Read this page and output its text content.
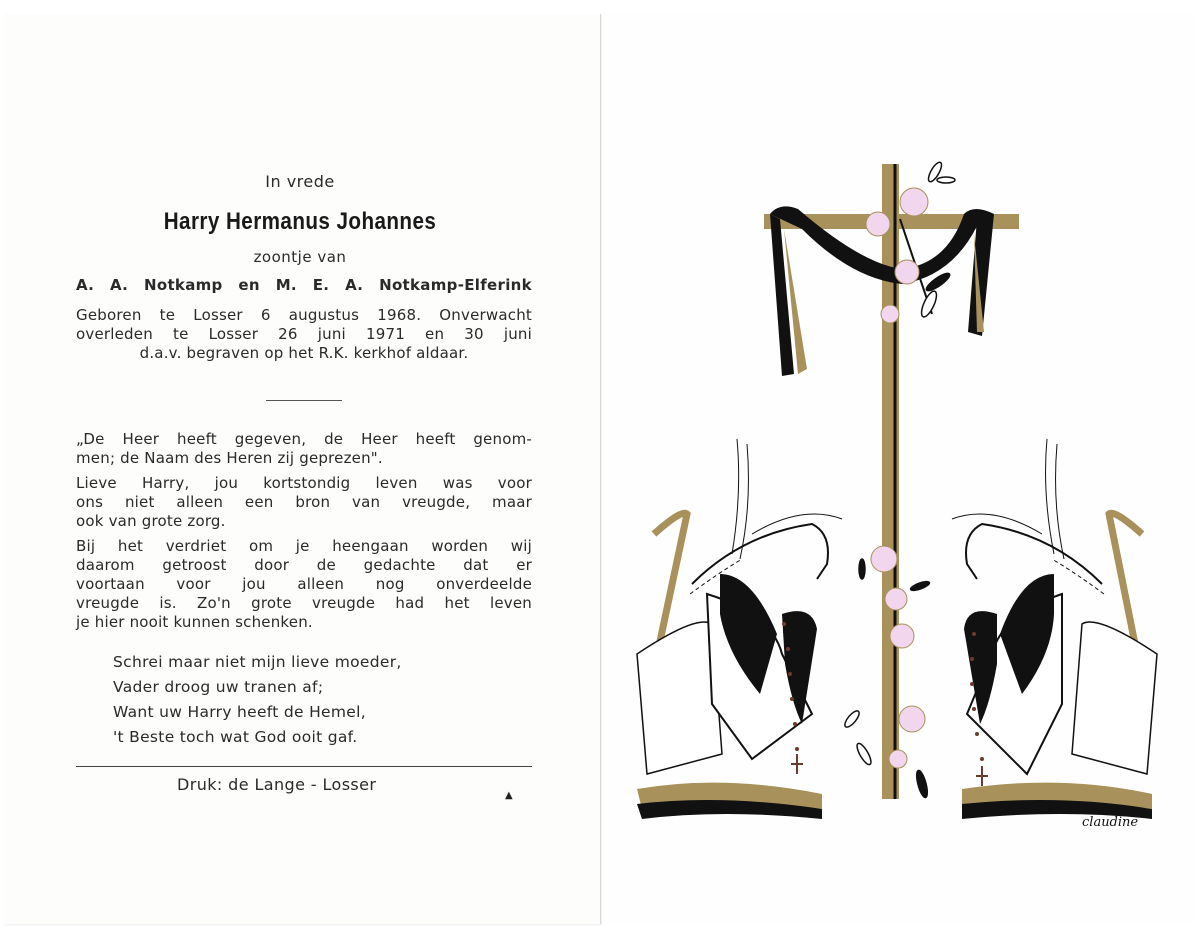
In vrede
Harry Hermanus Johannes
zoontje van
A. A. Notkamp en M. E. A. Notkamp-Elferink
Geboren te Losser 6 augustus 1968. Onverwacht
overleden te Losser 26 juni 1971 en 30 juni
d.a.v. begraven op het R.K. kerkhof aldaar.
„De Heer heeft gegeven, de Heer heeft genom-
men; de Naam des Heren zij geprezen".
Lieve Harry, jou kortstondig leven was voor
ons niet alleen een bron van vreugde, maar
ook van grote zorg.
Bij het verdriet om je heengaan worden wij
daarom getroost door de gedachte dat er
voortaan voor jou alleen nog onverdeelde
vreugde is. Zo'n grote vreugde had het leven
je hier nooit kunnen schenken.
Schrei maar niet mijn lieve moeder,
Vader droog uw tranen af;
Want uw Harry heeft de Hemel,
't Beste toch wat God ooit gaf.
Druk: de Lange - Losser
▲
claudine
